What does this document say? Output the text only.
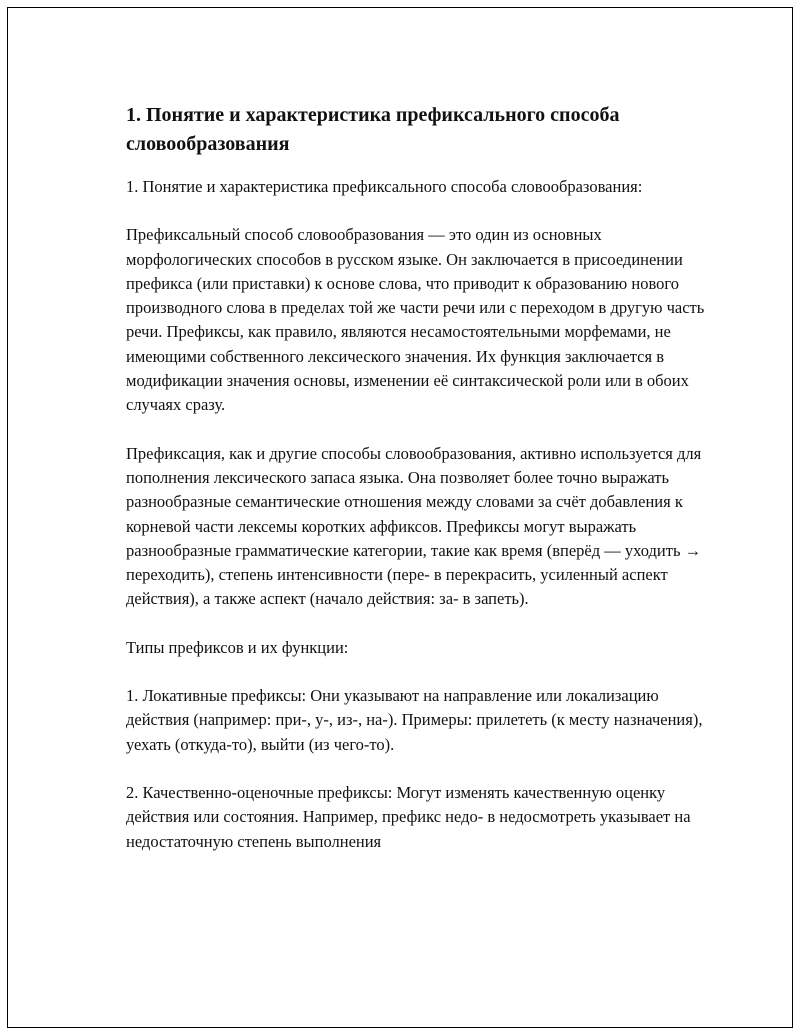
1. Понятие и характеристика префиксального способа словообразования

1. Понятие и характеристика префиксального способа словообразования:

Префиксальный способ словообразования — это один из основных морфологических способов в русском языке. Он заключается в присоединении префикса (или приставки) к основе слова, что приводит к образованию нового производного слова в пределах той же части речи или с переходом в другую часть речи. Префиксы, как правило, являются несамостоятельными морфемами, не имеющими собственного лексического значения. Их функция заключается в модификации значения основы, изменении её синтаксической роли или в обоих случаях сразу.

Префиксация, как и другие способы словообразования, активно используется для пополнения лексического запаса языка. Она позволяет более точно выражать разнообразные семантические отношения между словами за счёт добавления к корневой части лексемы коротких аффиксов. Префиксы могут выражать разнообразные грамматические категории, такие как время (вперёд — уходить → переходить), степень интенсивности (пере- в перекрасить, усиленный аспект действия), а также аспект (начало действия: за- в запеть).

Типы префиксов и их функции:

1. Локативные префиксы: Они указывают на направление или локализацию действия (например: при-, у-, из-, на-). Примеры: прилететь (к месту назначения), уехать (откуда-то), выйти (из чего-то).

2. Качественно-оценочные префиксы: Могут изменять качественную оценку действия или состояния. Например, префикс недо- в недосмотреть указывает на недостаточную степень выполнения
